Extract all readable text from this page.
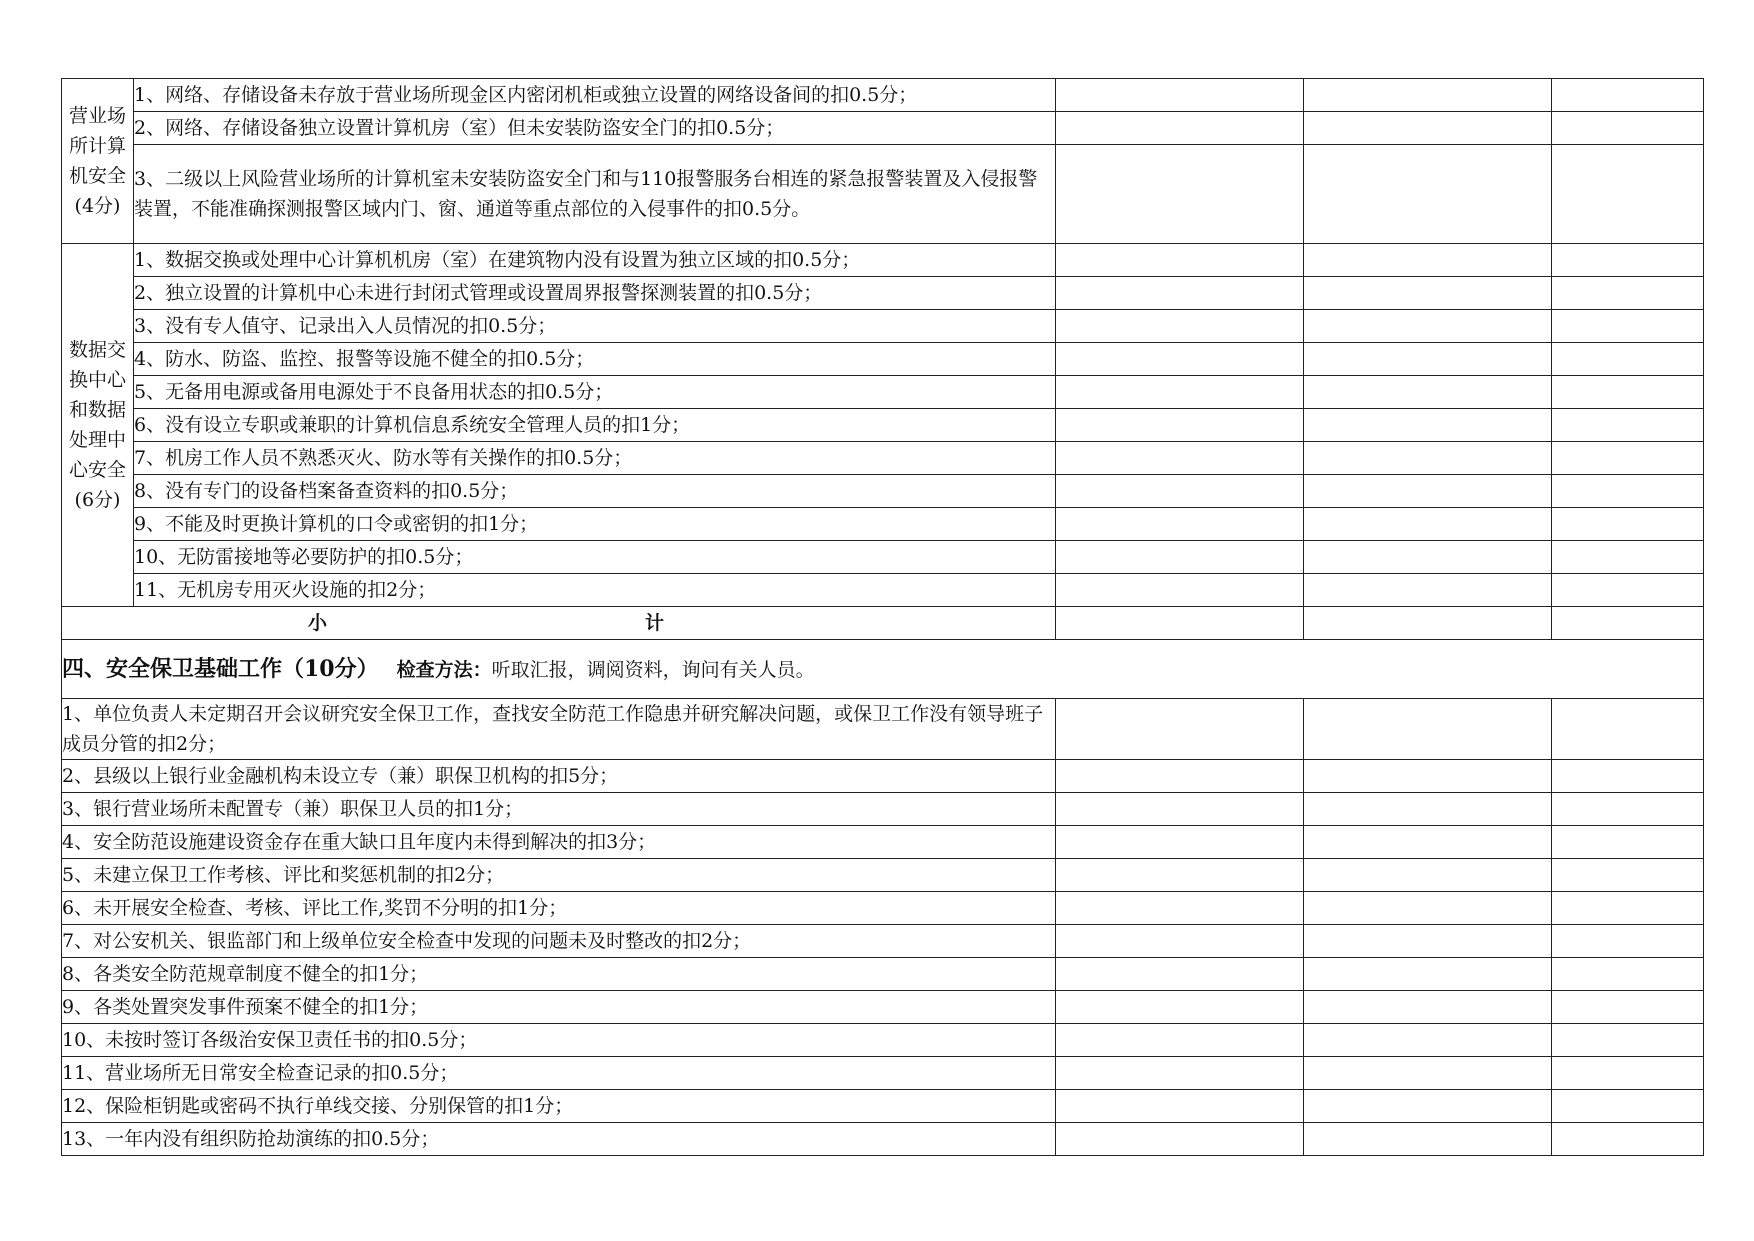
营业场所计算机安全(4分)	1、网络、存储设备未存放于营业场所现金区内密闭机柜或独立设置的网络设备间的扣0.5分；			
	2、网络、存储设备独立设置计算机房（室）但未安装防盗安全门的扣0.5分；			
	3、二级以上风险营业场所的计算机室未安装防盗安全门和与110报警服务台相连的紧急报警装置及入侵报警装置，不能准确探测报警区域内门、窗、通道等重点部位的入侵事件的扣0.5分。			
数据交换中心和数据处理中心安全(6分)	1、数据交换或处理中心计算机机房（室）在建筑物内没有设置为独立区域的扣0.5分；			
	2、独立设置的计算机中心未进行封闭式管理或设置周界报警探测装置的扣0.5分；			
	3、没有专人值守、记录出入人员情况的扣0.5分；			
	4、防水、防盗、监控、报警等设施不健全的扣0.5分；			
	5、无备用电源或备用电源处于不良备用状态的扣0.5分；			
	6、没有设立专职或兼职的计算机信息系统安全管理人员的扣1分；			
	7、机房工作人员不熟悉灭火、防水等有关操作的扣0.5分；			
	8、没有专门的设备档案备查资料的扣0.5分；			
	9、不能及时更换计算机的口令或密钥的扣1分；			
	10、无防雷接地等必要防护的扣0.5分；			
	11、无机房专用灭火设施的扣2分；			
小 计				
四、安全保卫基础工作（10分） 检查方法：听取汇报，调阅资料，询问有关人员。				
1、单位负责人未定期召开会议研究安全保卫工作，查找安全防范工作隐患并研究解决问题，或保卫工作没有领导班子成员分管的扣2分；				
2、县级以上银行业金融机构未设立专（兼）职保卫机构的扣5分；				
3、银行营业场所未配置专（兼）职保卫人员的扣1分；				
4、安全防范设施建设资金存在重大缺口且年度内未得到解决的扣3分；				
5、未建立保卫工作考核、评比和奖惩机制的扣2分；				
6、未开展安全检查、考核、评比工作,奖罚不分明的扣1分；				
7、对公安机关、银监部门和上级单位安全检查中发现的问题未及时整改的扣2分；				
8、各类安全防范规章制度不健全的扣1分；				
9、各类处置突发事件预案不健全的扣1分；				
10、未按时签订各级治安保卫责任书的扣0.5分；				
11、营业场所无日常安全检查记录的扣0.5分；				
12、保险柜钥匙或密码不执行单线交接、分别保管的扣1分；				
13、一年内没有组织防抢劫演练的扣0.5分；				
